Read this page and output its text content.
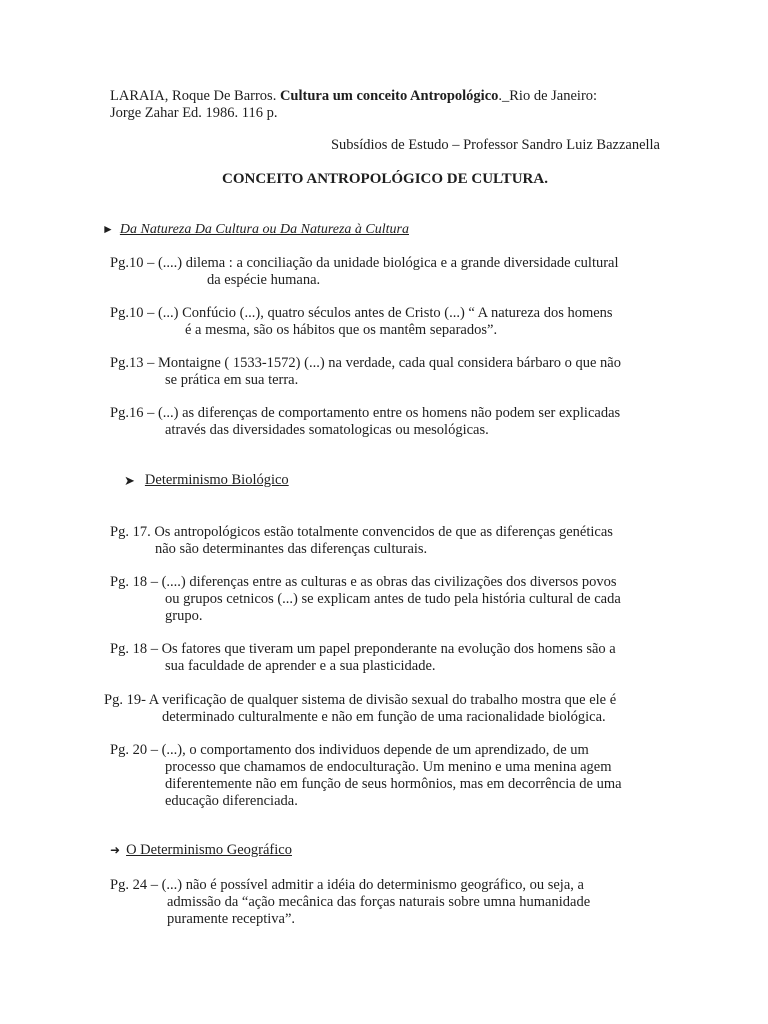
LARAIA, Roque De Barros. Cultura um conceito Antropológico._Rio de Janeiro:
Jorge Zahar Ed. 1986. 116 p.
Subsídios de Estudo – Professor Sandro Luiz Bazzanella
CONCEITO ANTROPOLÓGICO DE CULTURA.
► Da Natureza Da Cultura ou Da Natureza à Cultura
Pg.10 – (....) dilema : a conciliação da unidade biológica e a grande diversidade cultural
da espécie humana.
Pg.10 – (...) Confúcio (...), quatro séculos antes de Cristo (...) “ A natureza dos homens
é a mesma, são os hábitos que os mantêm separados”.
Pg.13 – Montaigne ( 1533-1572) (...) na verdade, cada qual considera bárbaro o que não
se prática em sua terra.
Pg.16 – (...) as diferenças de comportamento entre os homens não podem ser explicadas
através das diversidades somatologicas ou mesológicas.
➤ Determinismo Biológico
Pg. 17. Os antropológicos estão totalmente convencidos de que as diferenças genéticas
não são determinantes das diferenças culturais.
Pg. 18 – (....) diferenças entre as culturas e as obras das civilizações dos diversos povos
ou grupos cetnicos (...) se explicam antes de tudo pela história cultural de cada
grupo.
Pg. 18 – Os fatores que tiveram um papel preponderante na evolução dos homens são a
sua faculdade de aprender e a sua plasticidade.
Pg. 19- A verificação de qualquer sistema de divisão sexual do trabalho mostra que ele é
determinado culturalmente e não em função de uma racionalidade biológica.
Pg. 20 – (...), o comportamento dos individuos depende de um aprendizado, de um
processo que chamamos de endoculturação. Um menino e uma menina agem
diferentemente não em função de seus hormônios, mas em decorrência de uma
educação diferenciada.
➜ O Determinismo Geográfico
Pg. 24 – (...) não é possível admitir a idéia do determinismo geográfico, ou seja, a
admissão da “ação mecânica das forças naturais sobre umna humanidade
puramente receptiva”.
